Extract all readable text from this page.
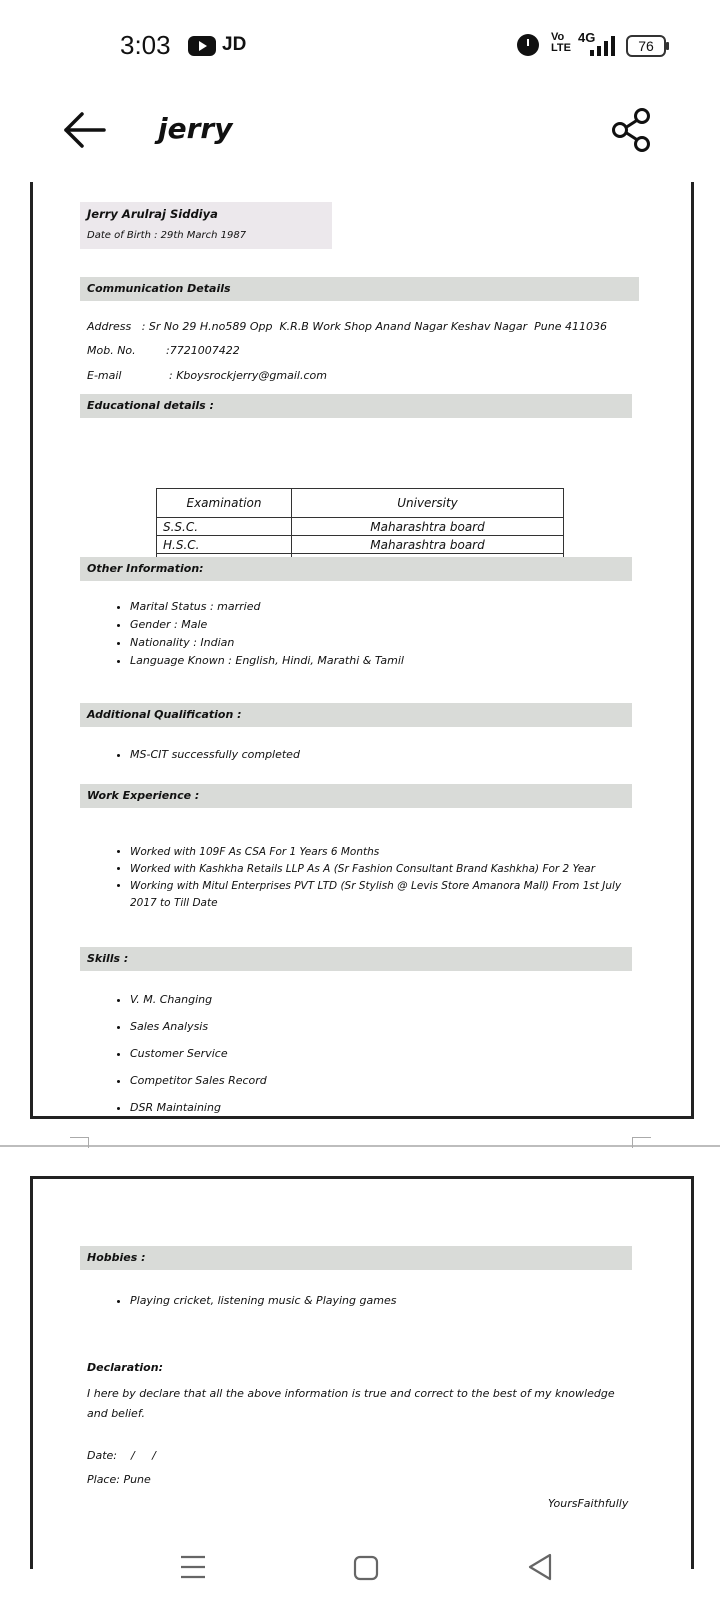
3:03	JD	Vo
LTE
4G
76
jerry
Jerry Arulraj Siddiya
Date of Birth : 29th March 1987
Communication Details
Address   : Sr No 29 H.no589 Opp  K.R.B Work Shop Anand Nagar Keshav Nagar  Pune 411036
Mob. No.	:7721007422
E-mail	: Kboysrockjerry@gmail.com
Educational details :
Examination	University
S.S.C.	Maharashtra board
H.S.C.	Maharashtra board

Other Information:
• Marital Status : married
• Gender : Male
• Nationality : Indian
• Language Known : English, Hindi, Marathi & Tamil
Additional Qualification :
• MS-CIT successfully completed
Work Experience :
• Worked with 109F As CSA For 1 Years 6 Months
• Worked with Kashkha Retails LLP As A (Sr Fashion Consultant Brand Kashkha) For 2 Year
• Working with Mitul Enterprises PVT LTD (Sr Stylish @ Levis Store Amanora Mall) From 1st July 2017 to Till Date
Skills :
• V. M. Changing
• Sales Analysis
• Customer Service
• Competitor Sales Record
• DSR Maintaining
Hobbies :
• Playing cricket, listening music & Playing games
Declaration:
I here by declare that all the above information is true and correct to the best of my knowledge and belief.
Date:    /     /
Place: Pune
YoursFaithfully
